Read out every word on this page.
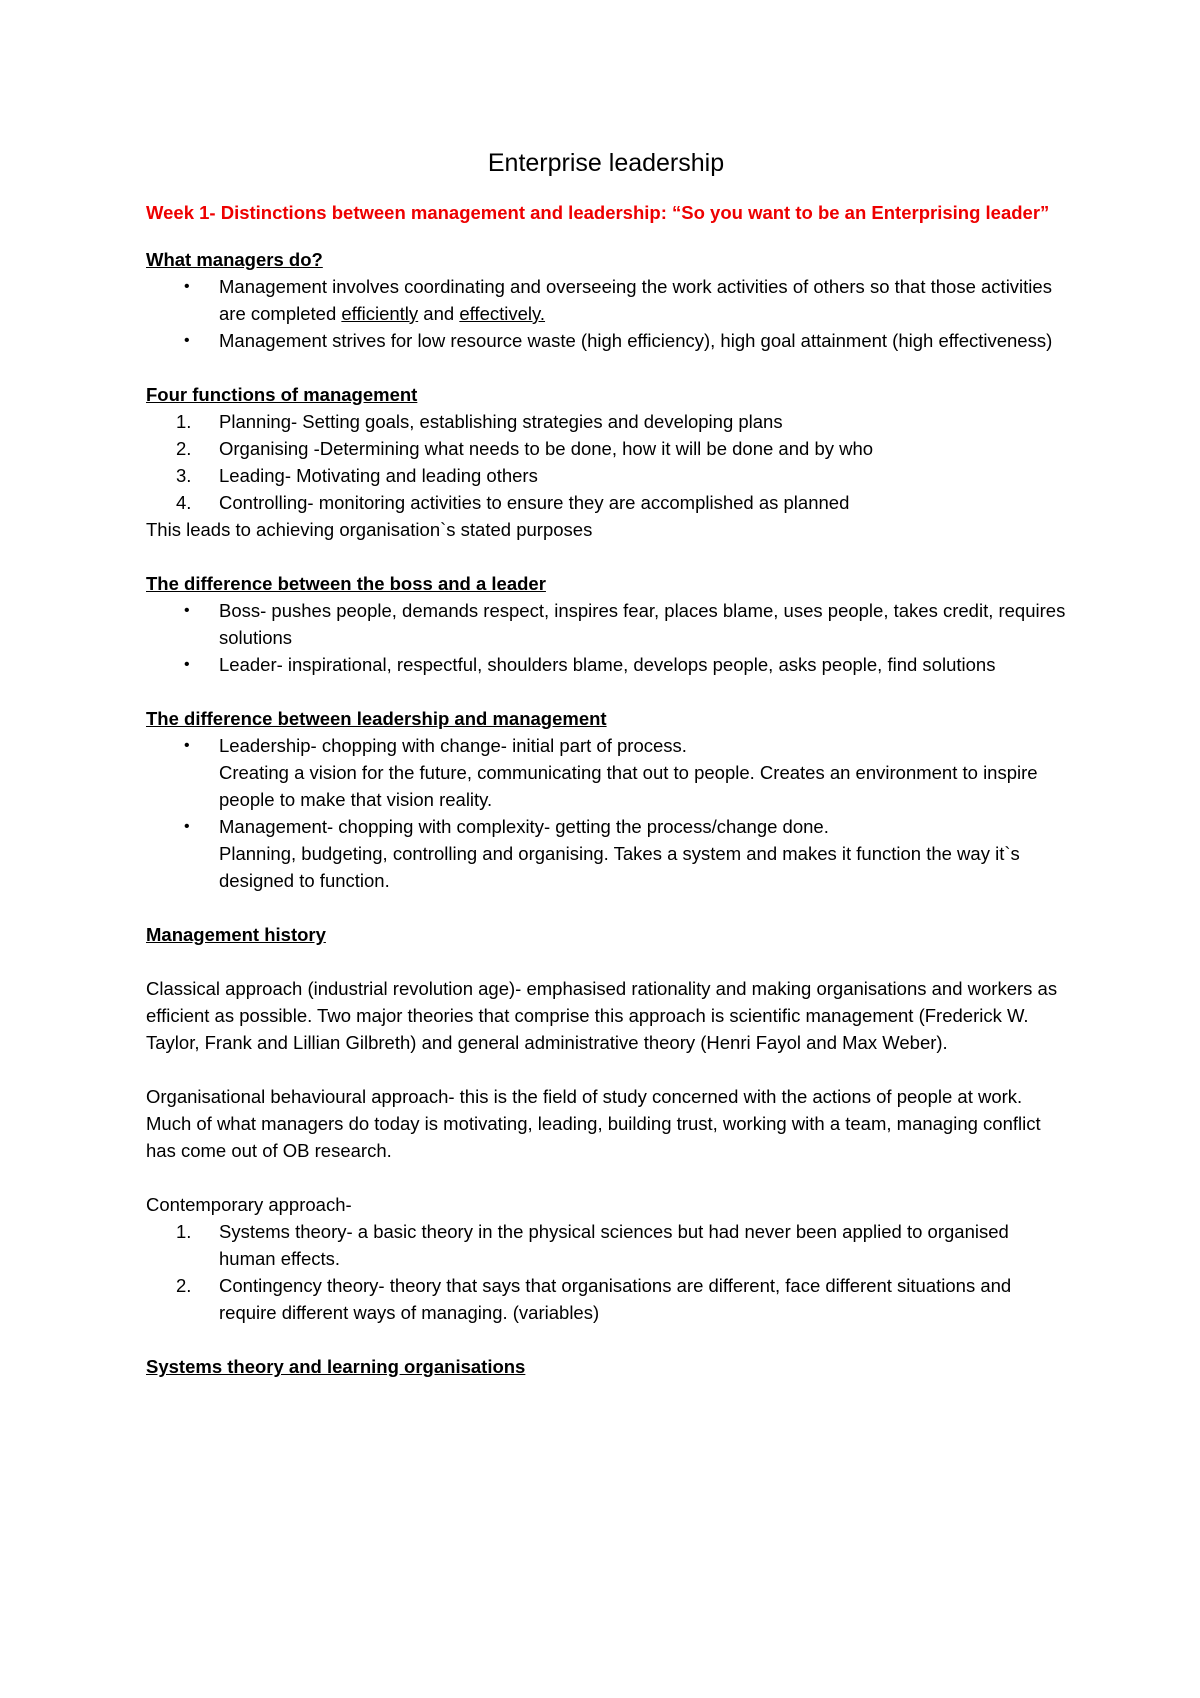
Enterprise leadership
Week 1- Distinctions between management and leadership: “So you want to be an Enterprising leader”
What managers do?
• Management involves coordinating and overseeing the work activities of others so that those activities are completed efficiently and effectively.
• Management strives for low resource waste (high efficiency), high goal attainment (high effectiveness)
Four functions of management
1. Planning- Setting goals, establishing strategies and developing plans
2. Organising -Determining what needs to be done, how it will be done and by who
3. Leading- Motivating and leading others
4. Controlling- monitoring activities to ensure they are accomplished as planned

This leads to achieving organisation`s stated purposes

The difference between the boss and a leader
• Boss- pushes people, demands respect, inspires fear, places blame, uses people, takes credit, requires solutions
• Leader- inspirational, respectful, shoulders blame, develops people, asks people, find solutions
The difference between leadership and management
• Leadership- chopping with change- initial part of process.
Creating a vision for the future, communicating that out to people. Creates an environment to inspire people to make that vision reality.
• Management- chopping with complexity- getting the process/change done.
Planning, budgeting, controlling and organising. Takes a system and makes it function the way it`s designed to function.
Management history

Classical approach (industrial revolution age)- emphasised rationality and making organisations and workers as efficient as possible. Two major theories that comprise this approach is scientific management (Frederick W. Taylor, Frank and Lillian Gilbreth) and general administrative theory (Henri Fayol and Max Weber).

Organisational behavioural approach- this is the field of study concerned with the actions of people at work. Much of what managers do today is motivating, leading, building trust, working with a team, managing conflict has come out of OB research.

Contemporary approach-

1. Systems theory- a basic theory in the physical sciences but had never been applied to organised human effects.
2. Contingency theory- theory that says that organisations are different, face different situations and require different ways of managing. (variables)
Systems theory and learning organisations
